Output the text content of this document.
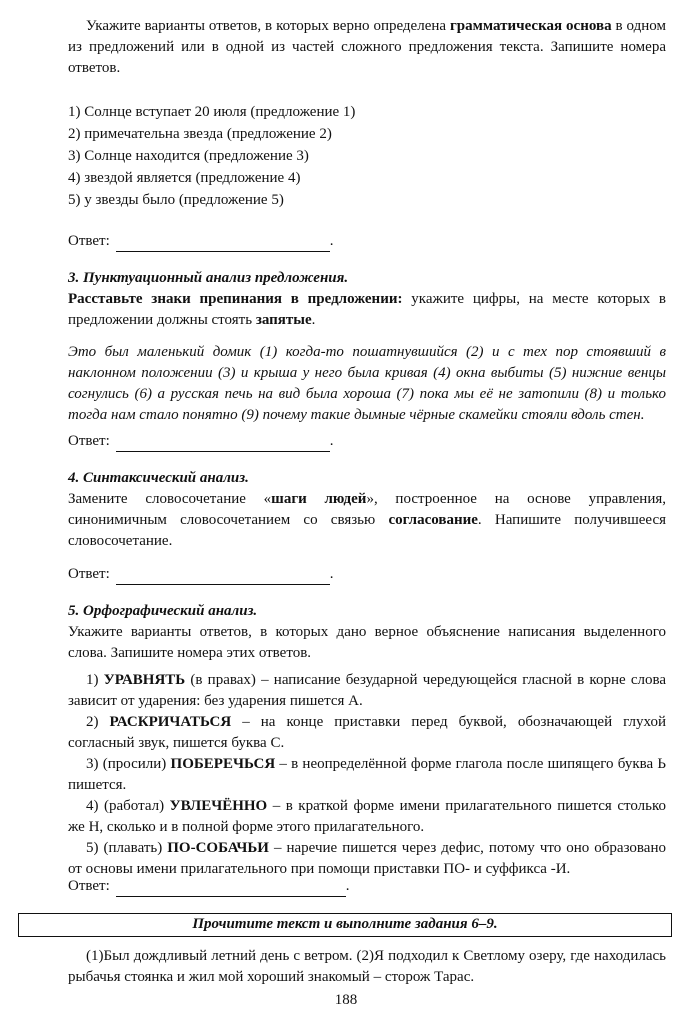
Укажите варианты ответов, в которых верно определена грамматическая основа в одном из предложений или в одной из частей сложного предложения текста. Запишите номера ответов.
1) Солнце вступает 20 июля (предложение 1)
2) примечательна звезда (предложение 2)
3) Солнце находится (предложение 3)
4) звездой является (предложение 4)
5) у звезды было (предложение 5)
Ответ:	.
3. Пунктуационный анализ предложения.
Расставьте знаки препинания в предложении: укажите цифры, на месте которых в предложении должны стоять запятые.
Это был маленький домик (1) когда-то пошатнувшийся (2) и с тех пор стоявший в наклонном положении (3) и крыша у него была кривая (4) окна выбиты (5) нижние венцы согнулись (6) а русская печь на вид была хороша (7) пока мы её не затопили (8) и только тогда нам стало понятно (9) почему такие дымные чёрные скамейки стояли вдоль стен.
Ответ:	.
4. Синтаксический анализ.
Замените словосочетание «шаги людей», построенное на основе управления, синонимичным словосочетанием со связью согласование. Напишите получившееся словосочетание.
Ответ:	.
5. Орфографический анализ.
Укажите варианты ответов, в которых дано верное объяснение написания выделенного слова. Запишите номера этих ответов.
1) УРАВНЯТЬ (в правах) – написание безударной чередующейся гласной в корне слова зависит от ударения: без ударения пишется А.
2) РАСКРИЧАТЬСЯ – на конце приставки перед буквой, обозначающей глухой согласный звук, пишется буква С.
3) (просили) ПОБЕРЕЧЬСЯ – в неопределённой форме глагола после шипящего буква Ь пишется.
4) (работал) УВЛЕЧЁННО – в краткой форме имени прилагательного пишется столько же Н, сколько и в полной форме этого прилагательного.
5) (плавать) ПО-СОБАЧЬИ – наречие пишется через дефис, потому что оно образовано от основы имени прилагательного при помощи приставки ПО- и суффикса -И.
Ответ:	.
Прочитите текст и выполните задания 6–9.
(1)Был дождливый летний день с ветром. (2)Я подходил к Светлому озеру, где находилась рыбачья стоянка и жил мой хороший знакомый – сторож Тарас.
188
